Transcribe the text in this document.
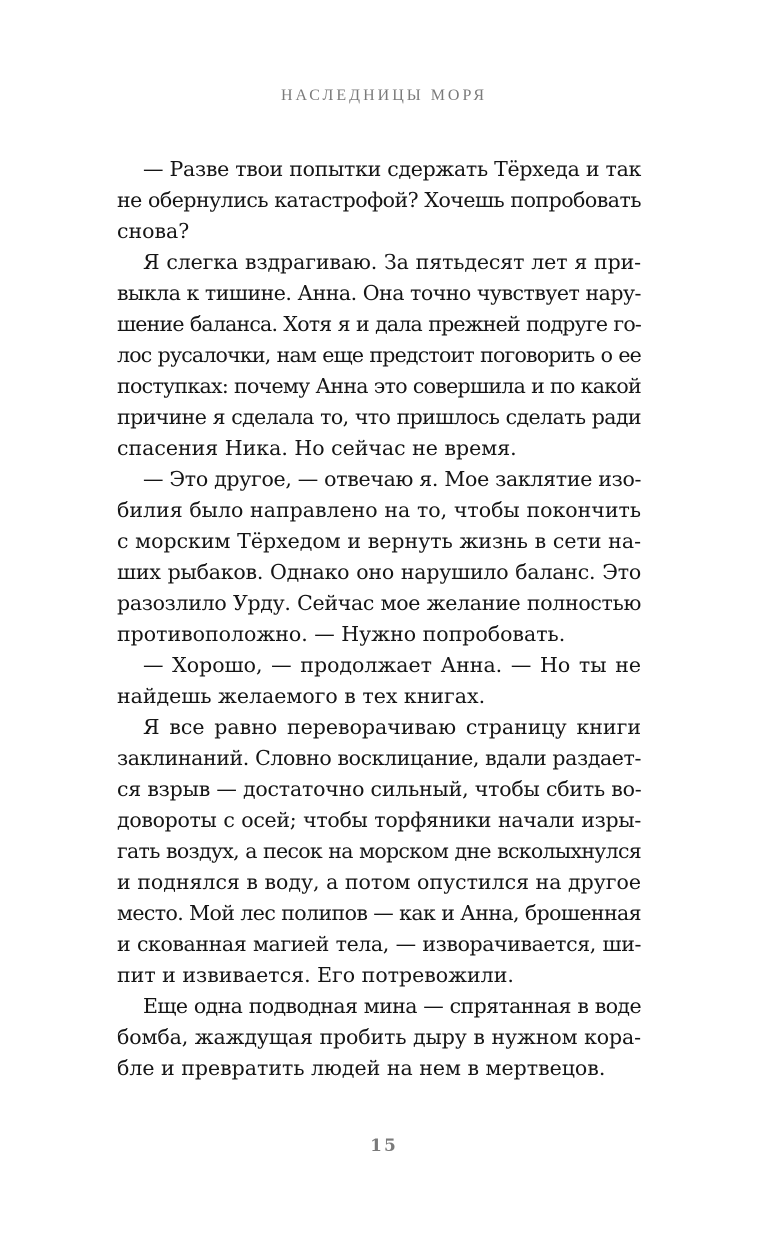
НАСЛЕДНИЦЫ МОРЯ
— Разве твои попытки сдержать Тёрхеда и так
не обернулись катастрофой? Хочешь попробовать
снова?
Я слегка вздрагиваю. За пятьдесят лет я при-
выкла к тишине. Анна. Она точно чувствует нару-
шение баланса. Хотя я и дала прежней подруге го-
лос русалочки, нам еще предстоит поговорить о ее
поступках: почему Анна это совершила и по какой
причине я сделала то, что пришлось сделать ради
спасения Ника. Но сейчас не время.
— Это другое, — отвечаю я. Мое заклятие изо-
билия было направлено на то, чтобы покончить
с морским Тёрхедом и вернуть жизнь в сети на-
ших рыбаков. Однако оно нарушило баланс. Это
разозлило Урду. Сейчас мое желание полностью
противоположно. — Нужно попробовать.
— Хорошо, — продолжает Анна. — Но ты не
найдешь желаемого в тех книгах.
Я все равно переворачиваю страницу книги
заклинаний. Словно восклицание, вдали раздает-
ся взрыв — достаточно сильный, чтобы сбить во-
довороты с осей; чтобы торфяники начали изры-
гать воздух, а песок на морском дне всколыхнулся
и поднялся в воду, а потом опустился на другое
место. Мой лес полипов — как и Анна, брошенная
и скованная магией тела, — изворачивается, ши-
пит и извивается. Его потревожили.
Еще одна подводная мина — спрятанная в воде
бомба, жаждущая пробить дыру в нужном кора-
бле и превратить людей на нем в мертвецов.
15
